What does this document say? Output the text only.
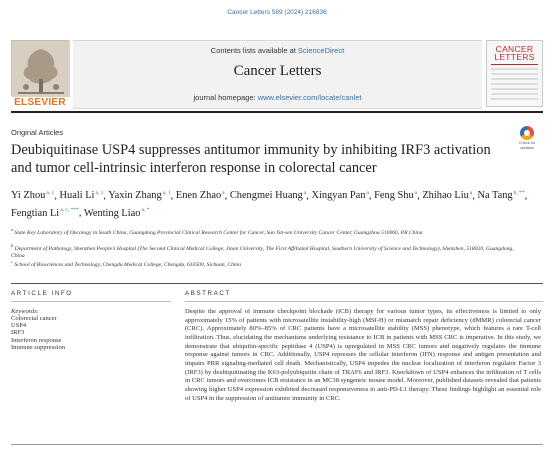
Cancer Letters 589 (2024) 216836
ELSEVIER
Contents lists available at ScienceDirect
Cancer Letters
journal homepage: www.elsevier.com/locate/canlet
CANCER
LETTERS
Original Articles
Check for
updates
Deubiquitinase USP4 suppresses antitumor immunity by inhibiting IRF3 activation and tumor cell-intrinsic interferon response in colorectal cancer
Yi Zhou$^{a, 1}$, Huali Li$^{a, 1}$, Yaxin Zhang$^{a, 1}$, Enen Zhao$^a$, Chengmei Huang$^a$, Xingyan Pan$^a$, Feng Shu$^a$, Zhihao Liu$^a$, Na Tang$^{b, **}$, Fengtian $Li^{a, c, ***}$, Wenting Liao$^{a, *}$
$^a$ State Key Laboratory of Oncology in South China, Guangdong Provincial Clinical Research Center for Cancer, Sun Yat-sen University Cancer Center, Guangzhou 510060, PR China
$^b$ Department of Pathology, Shenzhen People’s Hospital (The Second Clinical Medical College, Jinan University, The First Affiliated Hospital, Southern University of Science and Technology), Shenzhen, 518020, Guangdong, China
$^c$ School of Biosciences and Technology, Chengdu Medical College, Chengdu, 610500, Sichuan, China
ARTICLE INFO	ABSTRACT
Keywords:
Colorectal cancer
USP4
IRF3
Interferon response
Immune suppression

Despite the approval of immune checkpoint blockade (ICB) therapy for various tumor types, its effectiveness is limited to only approximately 15% of patients with microsatellite instability-high (MSI-H) or mismatch repair deficiency (dMMR) colorectal cancer (CRC). Approximately 80%–85% of CRC patients have a microsatellite stability (MSS) phenotype, which features a rare T-cell infiltration. Thus, elucidating the mechanisms underlying resistance to ICB in patients with MSS CRC is imperative. In this study, we demonstrate that ubiquitin-specific peptidase 4 (USP4) is upregulated in MSS CRC tumors and negatively regulates the immune response against tumors in CRC. Additionally, USP4 represses the cellular interferon (IFN) response and antigen presentation and impairs PRR signaling-mediated cell death. Mechanistically, USP4 impedes the nuclear localization of interferon regulator Factor 3 (IRF3) by deubiquitinating the K63-polyubiquitin chain of TRAF6 and IRF3. Knockdown of USP4 enhances the infiltration of T cells in CRC tumors and overcomes ICB resistance in an MC38 syngeneic mouse model. Moreover, published datasets revealed that patients showing higher USP4 expression exhibited decreased responsiveness to anti-PD-L1 therapy. These findings highlight an essential role of USP4 in the suppression of antitumor immunity in CRC.
